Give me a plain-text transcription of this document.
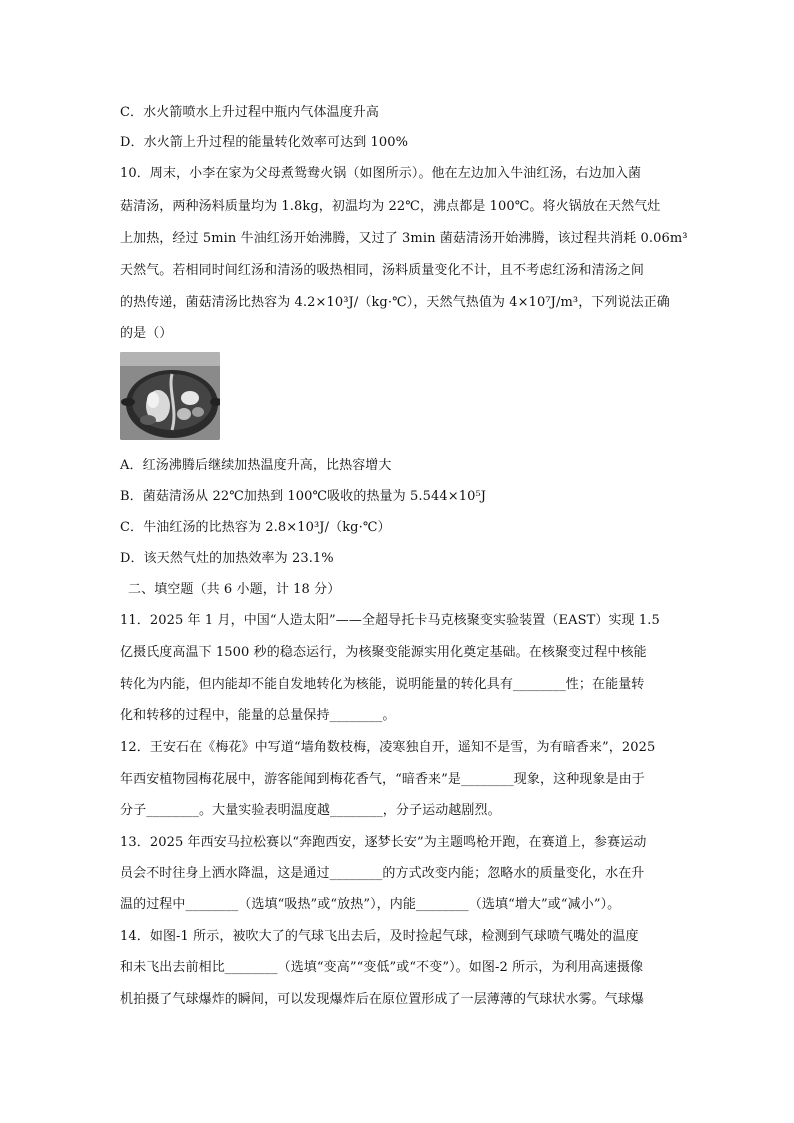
C．水火箭喷水上升过程中瓶内气体温度升高
D．水火箭上升过程的能量转化效率可达到 100%
10．周末，小李在家为父母煮鸳鸯火锅（如图所示）。他在左边加入牛油红汤，右边加入菌
菇清汤，两种汤料质量均为 1.8kg，初温均为 22℃，沸点都是 100℃。将火锅放在天然气灶
上加热，经过 5min 牛油红汤开始沸腾，又过了 3min 菌菇清汤开始沸腾，该过程共消耗 0.06m³
天然气。若相同时间红汤和清汤的吸热相同，汤料质量变化不计，且不考虑红汤和清汤之间
的热传递，菌菇清汤比热容为 4.2×10³J/（kg·℃），天然气热值为 4×10⁷J/m³，下列说法正确
的是（）
A．红汤沸腾后继续加热温度升高，比热容增大
B．菌菇清汤从 22℃加热到 100℃吸收的热量为 5.544×10⁵J
C．牛油红汤的比热容为 2.8×10³J/（kg·℃）
D．该天然气灶的加热效率为 23.1%
二、填空题（共 6 小题，计 18 分）
11．2025 年 1 月，中国“人造太阳”——全超导托卡马克核聚变实验装置（EAST）实现 1.5
亿摄氏度高温下 1500 秒的稳态运行，为核聚变能源实用化奠定基础。在核聚变过程中核能
转化为内能，但内能却不能自发地转化为核能，说明能量的转化具有________性；在能量转
化和转移的过程中，能量的总量保持________。
12．王安石在《梅花》中写道“墙角数枝梅，凌寒独自开，遥知不是雪，为有暗香来”，2025
年西安植物园梅花展中，游客能闻到梅花香气，“暗香来”是________现象，这种现象是由于
分子________。大量实验表明温度越________，分子运动越剧烈。
13．2025 年西安马拉松赛以“奔跑西安，逐梦长安”为主题鸣枪开跑，在赛道上，参赛运动
员会不时往身上洒水降温，这是通过________的方式改变内能；忽略水的质量变化，水在升
温的过程中________（选填“吸热”或“放热”），内能________（选填“增大”或“减小”）。
14．如图-1 所示，被吹大了的气球飞出去后，及时捡起气球，检测到气球喷气嘴处的温度
和未飞出去前相比________（选填“变高”“变低”或“不变”）。如图-2 所示，为利用高速摄像
机拍摄了气球爆炸的瞬间，可以发现爆炸后在原位置形成了一层薄薄的气球状水雾。气球爆
